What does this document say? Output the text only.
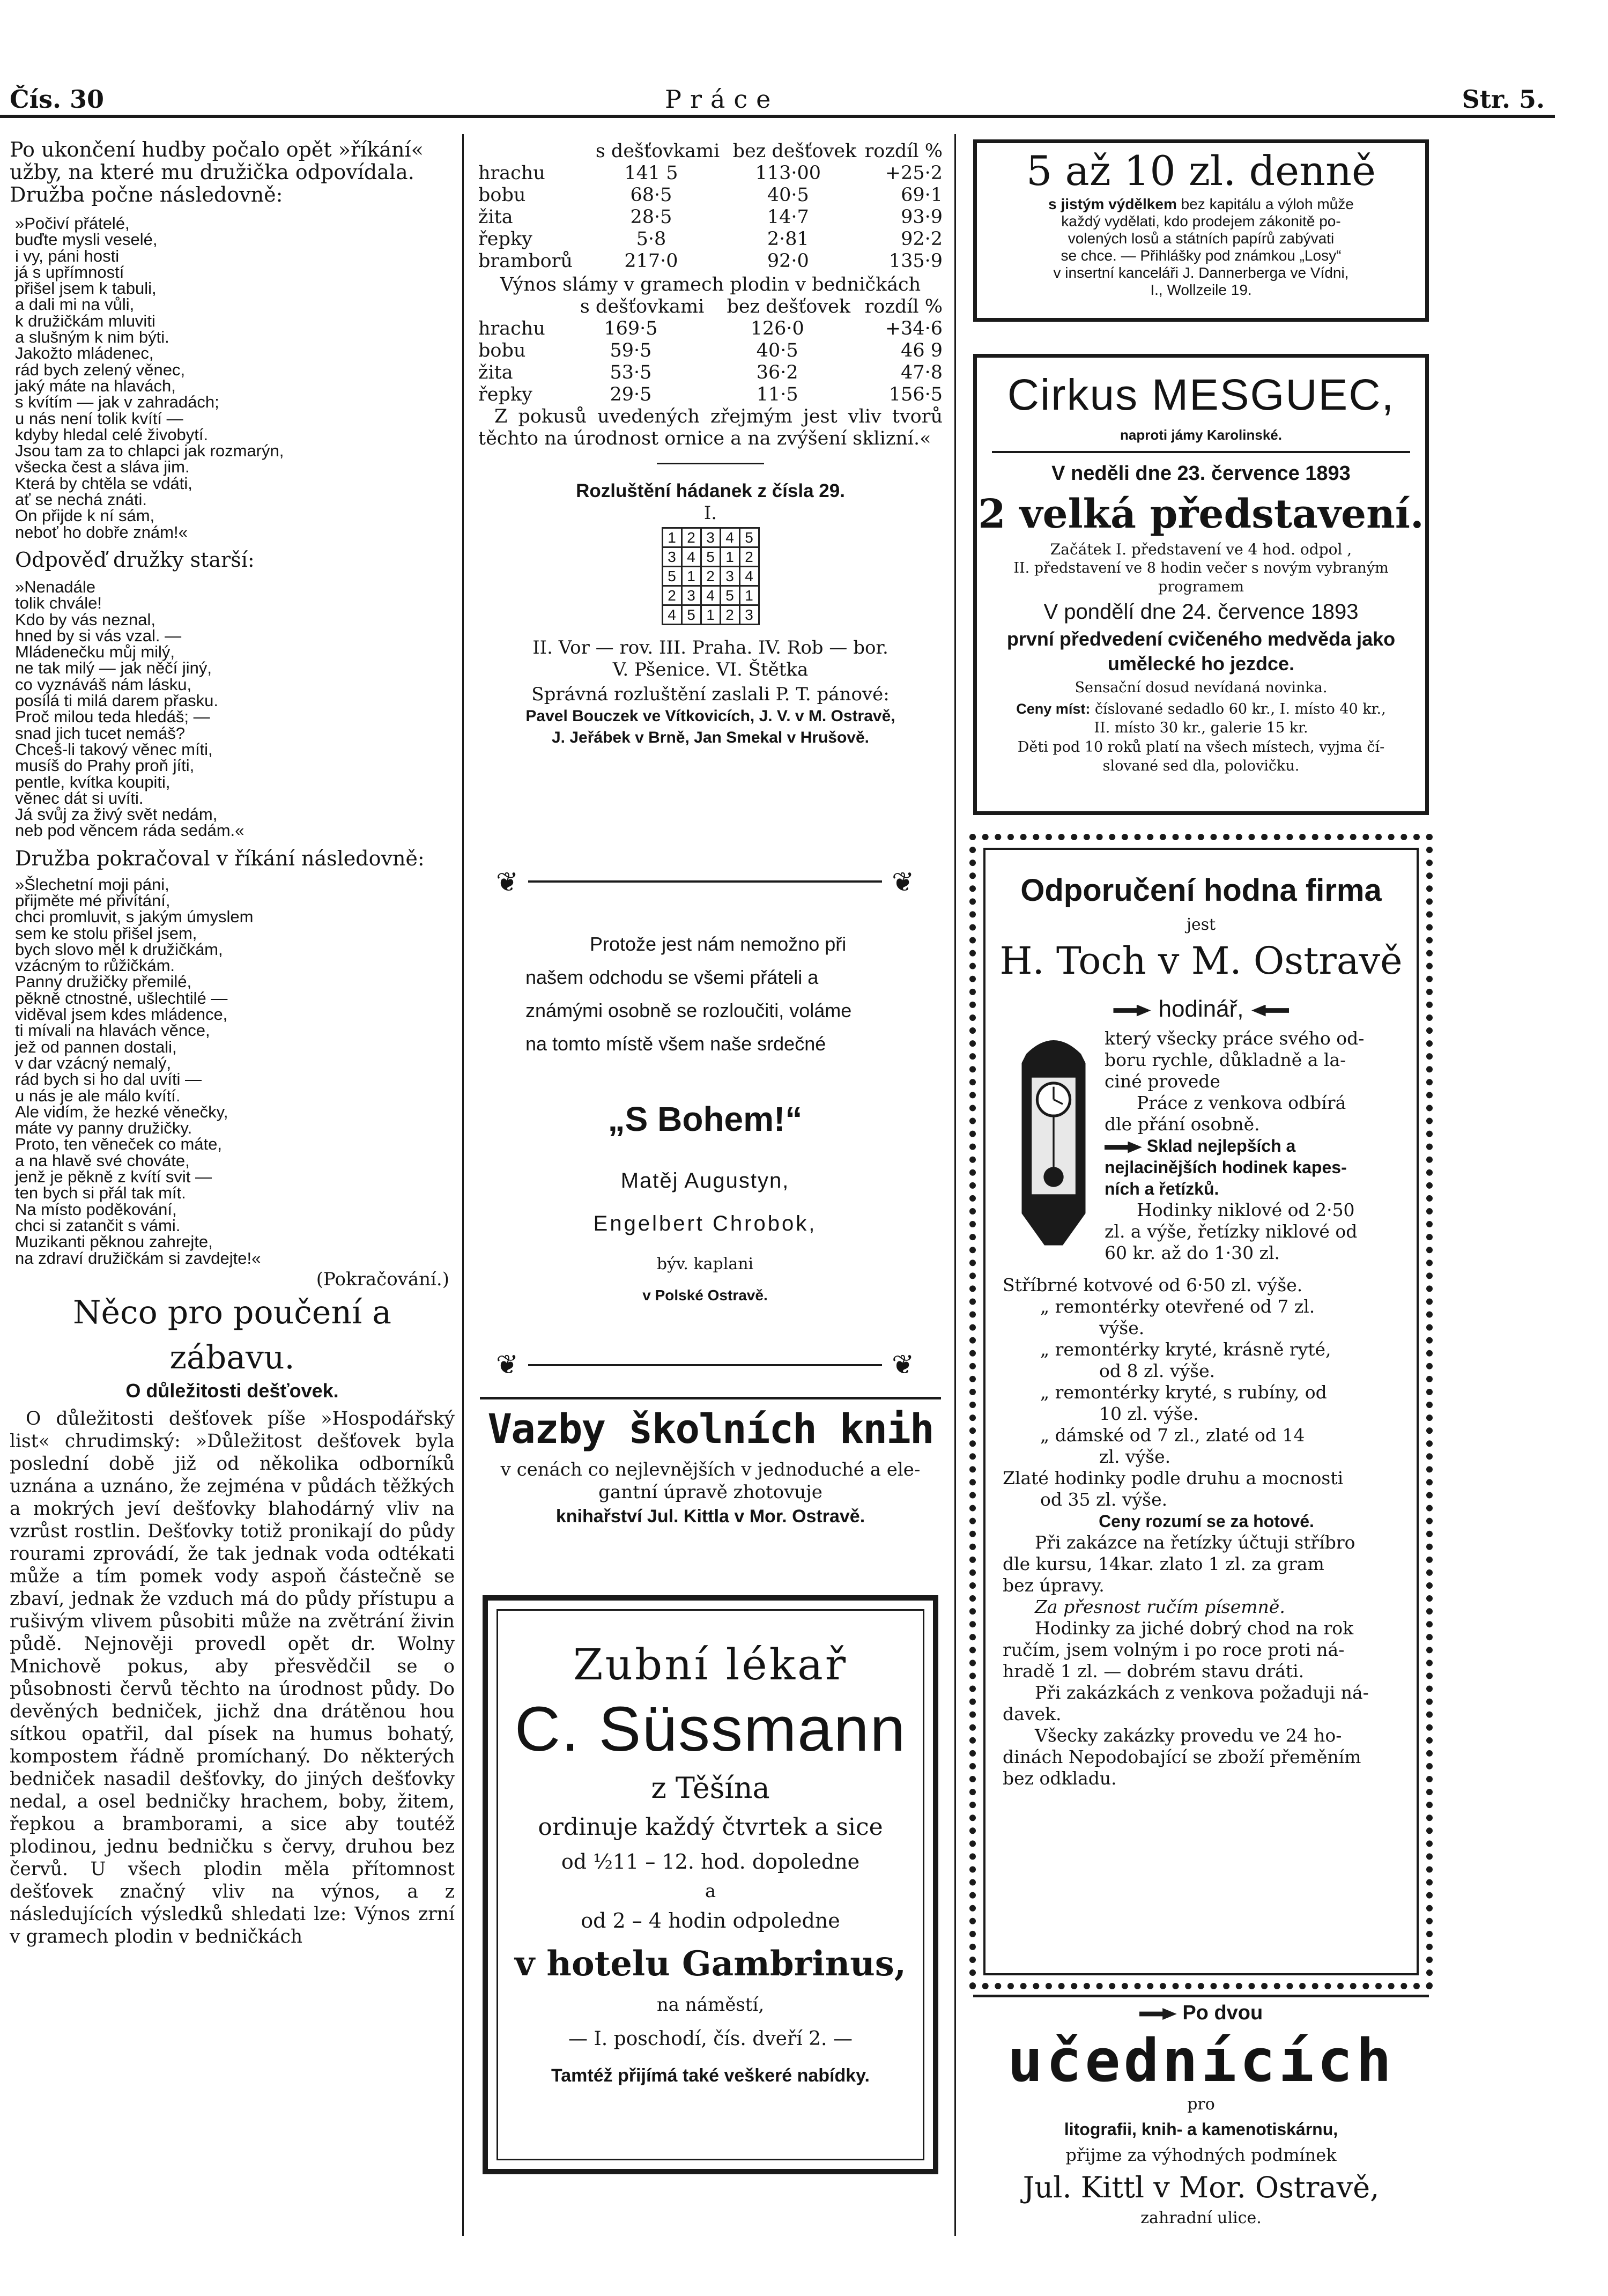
Čís. 30	Práce	Str. 5.

Po ukončení hudby počalo opět »říkání«

užby, na které mu družička odpovídala.

Družba počne následovně:

»Počiví přátelé,

buďte mysli veselé,

i vy, páni hosti

já s upřímností

přišel jsem k tabuli,

a dali mi na vůli,

k družičkám mluviti

a slušným k nim býti.

Jakožto mládenec,

rád bych zelený věnec,

jaký máte na hlavách,

s kvítím — jak v zahradách;

u nás není tolik kvítí —

kdyby hledal celé živobytí.

Jsou tam za to chlapci jak rozmarýn,

všecka čest a sláva jim.

Která by chtěla se vdáti,

ať se nechá znáti.

On přijde k ní sám,

neboť ho dobře znám!«

Odpověď družky starší:

»Nenadále

tolik chvále!

Kdo by vás neznal,

hned by si vás vzal. —

Mládenečku můj milý,

ne tak milý — jak něčí jiný,

co vyznáváš nám lásku,

posílá ti milá darem přasku.

Proč milou teda hledáš; —

snad jich tucet nemáš?

Chceš-li takový věnec míti,

musíš do Prahy proň jíti,

pentle, kvítka koupiti,

věnec dát si uvíti.

Já svůj za živý svět nedám,

neb pod věncem ráda sedám.«

Družba pokračoval v říkání následovně:

»Šlechetní moji páni,

přijměte mé přivítání,

chci promluvit, s jakým úmyslem

sem ke stolu přišel jsem,

bych slovo měl k družičkám,

vzácným to růžičkám.

Panny družičky přemilé,

pěkně ctnostné, ušlechtilé —

viděval jsem kdes mládence,

ti mívali na hlavách věnce,

jež od pannen dostali,

v dar vzácný nemalý,

rád bych si ho dal uvíti —

u nás je ale málo kvítí.

Ale vidím, že hezké věnečky,

máte vy panny družičky.

Proto, ten věneček co máte,

a na hlavě své chováte,

jenž je pěkně z kvítí svit —

ten bych si přál tak mít.

Na místo poděkování,

chci si zatančit s vámi.

Muzikanti pěknou zahrejte,

na zdraví družičkám si zavdejte!«

(Pokračování.)

Něco pro poučení a zábavu.

O důležitosti dešťovek.

O důležitosti dešťovek píše »Hospodářský list« chrudimský: »Důležitost dešťovek byla poslední době již od několika odborníků uznána a uznáno, že zejména v půdách těžkých a mokrých jeví dešťovky blahodárný vliv na vzrůst rostlin. Dešťovky totiž pronikají do půdy rourami zprovádí, že tak jednak voda odtékati může a tím pomek vody aspoň částečně se zbaví, jednak že vzduch má do půdy přístupu a rušivým vlivem působiti může na zvětrání živin půdě. Nejnověji provedl opět dr. Wolny Mnichově pokus, aby přesvědčil se o působnosti červů těchto na úrodnost půdy. Do devěných bedniček, jichž dna drátěnou hou sítkou opatřil, dal písek na humus bohatý, kompostem řádně promíchaný. Do některých bedniček nasadil dešťovky, do jiných dešťovky nedal, a osel bedničky hrachem, boby, žitem, řepkou a bramborami, a sice aby toutéž plodinou, jednu bedničku s červy, druhou bez červů. U všech plodin měla přítomnost dešťovek značný vliv na výnos, a z následujících výsledků shledati lze: Výnos zrní v gramech plodin v bedničkách

	s dešťovkami	bez dešťovek	rozdíl %
hrachu	141 5	113·00	+25·2
bobu	68·5	40·5	69·1
žita	28·5	14·7	93·9
řepky	5·8	2·81	92·2
bramborů	217·0	92·0	135·9

Výnos slámy v gramech plodin v bedničkách

	s dešťovkami	bez dešťovek	rozdíl %
hrachu	169·5	126·0	+34·6
bobu	59·5	40·5	46 9
žita	53·5	36·2	47·8
řepky	29·5	11·5	156·5

Z pokusů uvedených zřejmým jest vliv tvorů těchto na úrodnost ornice a na zvýšení sklizní.«

Rozluštění hádanek z čísla 29.

I.

1	2	3	4	5
3	4	5	1	2
5	1	2	3	4
2	3	4	5	1
4	5	1	2	3

II. Vor — rov. III. Praha. IV. Rob — bor.

V. Pšenice. VI. Štětka

Správná rozluštění zaslali P. T. pánové:

Pavel Bouczek ve Vítkovicích, J. V. v M. Ostravě,

J. Jeřábek v Brně, Jan Smekal v Hrušově.

❦	❦
❦	❦

Protože jest nám nemožno při

našem odchodu se všemi přáteli a

známými osobně se rozloučiti, voláme

na tomto místě všem naše srdečné

„S Bohem!“

Matěj Augustyn,

Engelbert Chrobok,

býv. kaplani

v Polské Ostravě.

Vazby školních knih

v cenách co nejlevnějších v jednoduché a ele-

gantní úpravě zhotovuje

knihařství Jul. Kittla v Mor. Ostravě.

Zubní lékař

C. Süssmann

z Těšína

ordinuje každý čtvrtek a sice

od ½11 – 12. hod. dopoledne

a

od 2 – 4 hodin odpoledne

v hotelu Gambrinus,

na náměstí,

— I. poschodí, čís. dveří 2. —

Tamtéž přijímá také veškeré nabídky.

5 až 10 zl. denně

s jistým výdělkem bez kapitálu a výloh může

každý vydělati, kdo prodejem zákonitě po-

volených losů a státních papírů zabývati

se chce. — Přihlášky pod známkou „Losy“

v insertní kanceláři J. Dannerberga ve Vídni,

I., Wollzeile 19.

Cirkus MESGUEC,

naproti jámy Karolinské.

V neděli dne 23. července 1893

2 velká představení.

Začátek I. představení ve 4 hod. odpol ,

II. představení ve 8 hodin večer s novým vybraným

programem

V pondělí dne 24. července 1893

první předvedení cvičeného medvěda jako

umělecké ho jezdce.

Sensační dosud nevídaná novinka.

Ceny míst: číslované sedadlo 60 kr., I. místo 40 kr.,

II. místo 30 kr., galerie 15 kr.

Děti pod 10 roků platí na všech místech, vyjma čí-

slované sed dla, polovičku.

Odporučení hodna firma

jest

H. Toch v M. Ostravě

hodinář,

který všecky práce svého od-

boru rychle, důkladně a la-

ciné provede

Práce z venkova odbírá

dle přání osobně.

Sklad nejlepších a

nejlacinějších hodinek kapes-

ních a řetízků.

Hodinky niklové od 2·50

zl. a výše, řetízky niklové od

60 kr. až do 1·30 zl.

Stříbrné kotvové od 6·50 zl. výše.

„ remontérky otevřené od 7 zl.

výše.

„ remontérky kryté, krásně ryté,

od 8 zl. výše.

„ remontérky kryté, s rubíny, od

10 zl. výše.

„ dámské od 7 zl., zlaté od 14

zl. výše.

Zlaté hodinky podle druhu a mocnosti

od 35 zl. výše.

Ceny rozumí se za hotové.

Při zakázce na řetízky účtuji stříbro

dle kursu, 14kar. zlato 1 zl. za gram

bez úpravy.

Za přesnost ručím písemně.

Hodinky za jiché dobrý chod na rok

ručím, jsem volným i po roce proti ná-

hradě 1 zl. — dobrém stavu dráti.

Při zakázkách z venkova požaduji ná-

davek.

Všecky zakázky provedu ve 24 ho-

dinách Nepodobající se zboží přeměním

bez odkladu.

Po dvou

učednících

pro

litografii, knih- a kamenotiskárnu,

přijme za výhodných podmínek

Jul. Kittl v Mor. Ostravě,

zahradní ulice.
